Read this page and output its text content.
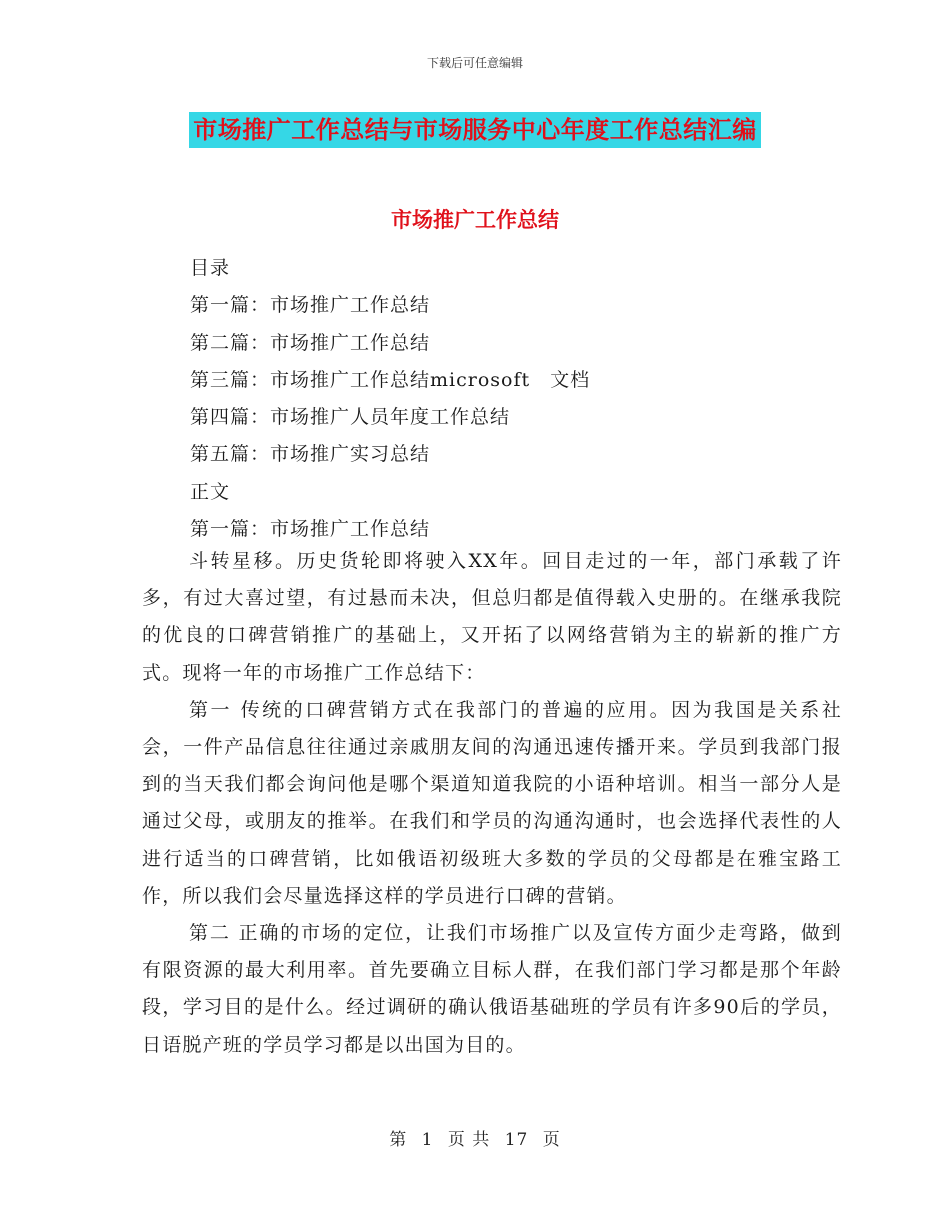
下载后可任意编辑
市场推广工作总结与市场服务中心年度工作总结汇编
市场推广工作总结
目录
第一篇：市场推广工作总结
第二篇：市场推广工作总结
第三篇：市场推广工作总结microsoft　文档
第四篇：市场推广人员年度工作总结
第五篇：市场推广实习总结
正文
第一篇：市场推广工作总结

斗转星移。历史货轮即将驶入XX年。回目走过的一年，部门承载了许多，有过大喜过望，有过悬而未决，但总归都是值得载入史册的。在继承我院的优良的口碑营销推广的基础上，又开拓了以网络营销为主的崭新的推广方式。现将一年的市场推广工作总结下：

第一 传统的口碑营销方式在我部门的普遍的应用。因为我国是关系社会，一件产品信息往往通过亲戚朋友间的沟通迅速传播开来。学员到我部门报到的当天我们都会询问他是哪个渠道知道我院的小语种培训。相当一部分人是通过父母，或朋友的推举。在我们和学员的沟通沟通时，也会选择代表性的人进行适当的口碑营销，比如俄语初级班大多数的学员的父母都是在雅宝路工作，所以我们会尽量选择这样的学员进行口碑的营销。

第二 正确的市场的定位，让我们市场推广以及宣传方面少走弯路，做到有限资源的最大利用率。首先要确立目标人群，在我们部门学习都是那个年龄段，学习目的是什么。经过调研的确认俄语基础班的学员有许多90后的学员，日语脱产班的学员学习都是以出国为目的。

第 1 页 共 17 页
